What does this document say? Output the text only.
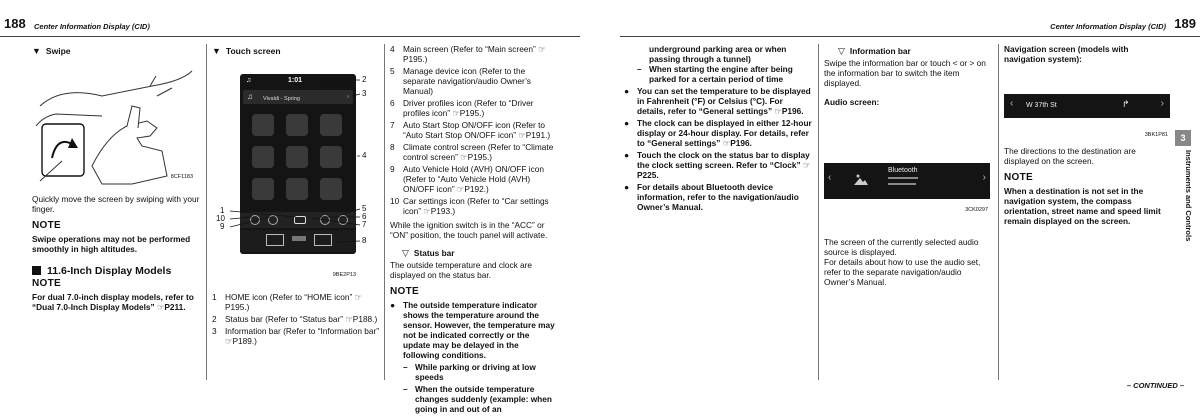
188 Center Information Display (CID)
▼ Swipe
8CF1183
Quickly move the screen by swiping with your finger.
NOTE
Swipe operations may not be performed smoothly in high altitudes.
11.6-Inch Display Models
NOTE
For dual 7.0-inch display models, refer to “Dual 7.0-Inch Display Models” ☞P211.
▼ Touch screen
♫	1:01
♫ Vivaldi - Spring	›
2
3
4
5
6
7
8
1
10
9
9BE2P13
1	HOME icon (Refer to “HOME icon” ☞P195.)
2	Status bar (Refer to “Status bar” ☞P188.)
3	Information bar (Refer to “Information bar” ☞P189.)
4	Main screen (Refer to “Main screen” ☞P195.)
5	Manage device icon (Refer to the separate navigation/audio Owner’s Manual)
6	Driver profiles icon (Refer to “Driver profiles icon” ☞P195.)
7	Auto Start Stop ON/OFF icon (Refer to “Auto Start Stop ON/OFF icon” ☞P191.)
8	Climate control screen (Refer to “Climate control screen” ☞P195.)
9	Auto Vehicle Hold (AVH) ON/OFF icon (Refer to “Auto Vehicle Hold (AVH) ON/OFF icon” ☞P192.)
10 Car settings icon (Refer to “Car settings icon” ☞P193.)
While the ignition switch is in the “ACC” or “ON” position, the touch panel will activate.
▽ Status bar
The outside temperature and clock are displayed on the status bar.
NOTE
● The outside temperature indicator shows the temperature around the sensor. However, the temperature may not be indicated correctly or the update may be delayed in the following conditions.
– While parking or driving at low speeds
– When the outside temperature changes suddenly (example: when going in and out of an
Center Information Display (CID) 189
underground parking area or when passing through a tunnel)
– When starting the engine after being parked for a certain period of time
● You can set the temperature to be displayed in Fahrenheit (°F) or Celsius (°C). For details, refer to “General settings” ☞P196.
● The clock can be displayed in either 12-hour display or 24-hour display. For details, refer to “General settings” ☞P196.
● Touch the clock on the status bar to display the clock setting screen. Refer to “Clock” ☞P225.
● For details about Bluetooth device information, refer to the navigation/audio Owner’s Manual.
▽ Information bar
Swipe the information bar or touch < or > on the information bar to switch the item displayed.
Audio screen:
‹
Bluetooth
›
3CK0297
The screen of the currently selected audio source is displayed.
For details about how to use the audio set, refer to the separate navigation/audio Owner’s Manual.
Navigation screen (models with navigation system):
‹ W 37th St	↱	›
3BK1P81
The directions to the destination are displayed on the screen.
NOTE
When a destination is not set in the navigation system, the compass orientation, street name and speed limit remain displayed on the screen.
3
Instruments and Controls
– CONTINUED –
